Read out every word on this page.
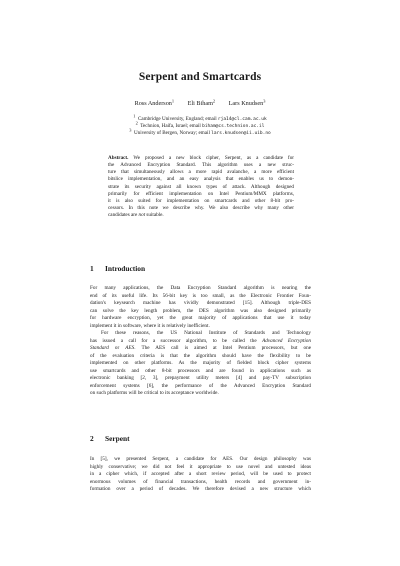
Serpent and Smartcards
Ross Anderson$^1$ Eli Biham$^2$ Lars Knudsen$^3$
$^1$ Cambridge University, England; email rja14@cl.cam.ac.uk
$^2$ Technion, Haifa, Israel; email biham@cs.technion.ac.il
$^3$ University of Bergen, Norway; email lars.knudsen@ii.uib.no
Abstract. We proposed a new block cipher, Serpent, as a candidate for
the Advanced Encryption Standard. This algorithm uses a new struc-
ture that simultaneously allows a more rapid avalanche, a more efficient
bitslice implementation, and an easy analysis that enables us to demon-
strate its security against all known types of attack. Although designed
primarily for efficient implementation on Intel Pentium/MMX platforms,
it is also suited for implementation on smartcards and other 8-bit pro-
cessors. In this note we describe why. We also describe why many other
candidates are not suitable.
1 Introduction
For many applications, the Data Encryption Standard algorithm is nearing the
end of its useful life. Its 56-bit key is too small, as the Electronic Frontier Foun-
dation's keysearch machine has vividly demonstrated [15]. Although triple-DES
can solve the key length problem, the DES algorithm was also designed primarily
for hardware encryption, yet the great majority of applications that use it today
implement it in software, where it is relatively inefficient.
For these reasons, the US National Institute of Standards and Technology
has issued a call for a successor algorithm, to be called the Advanced Encryption
Standard or AES. The AES call is aimed at Intel Pentium processors, but one
of the evaluation criteria is that the algorithm should have the flexibility to be
implemented on other platforms. As the majority of fielded block cipher systems
use smartcards and other 8-bit processors and are found in applications such as
electronic banking [2, 3], prepayment utility meters [4] and pay-TV subscription
enforcement systems [6], the performance of the Advanced Encryption Standard
on such platforms will be critical to its acceptance worldwide.
2 Serpent
In [5], we presented Serpent, a candidate for AES. Our design philosophy was
highly conservative; we did not feel it appropriate to use novel and untested ideas
in a cipher which, if accepted after a short review period, will be used to protect
enormous volumes of financial transactions, health records and government in-
formation over a period of decades. We therefore devised a new structure which
